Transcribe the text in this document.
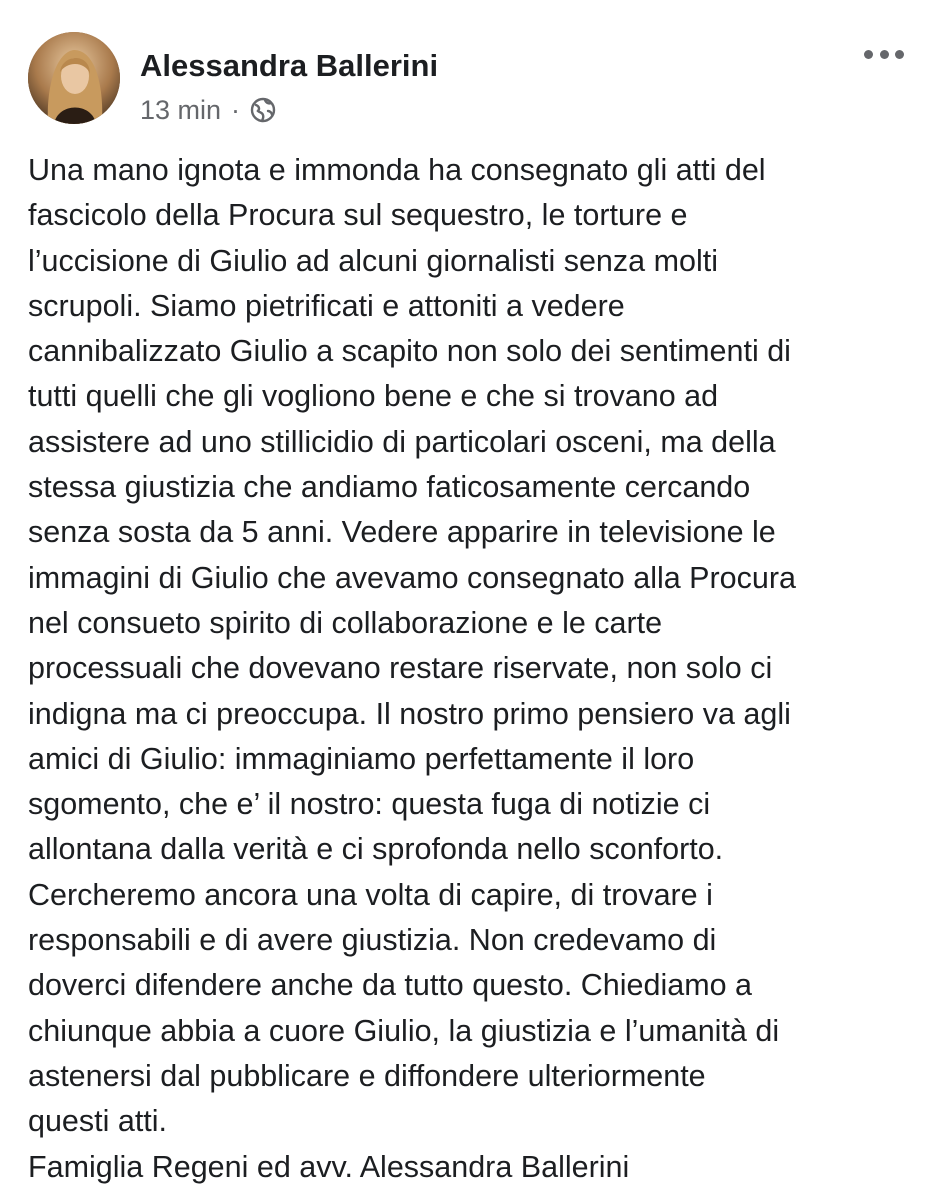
Alessandra Ballerini
13 min ·
Una mano ignota e immonda ha consegnato gli atti del
fascicolo della Procura sul sequestro, le torture e
l’uccisione di Giulio ad alcuni giornalisti senza molti
scrupoli. Siamo pietrificati e attoniti a vedere
cannibalizzato Giulio a scapito non solo dei sentimenti di
tutti quelli che gli vogliono bene e che si trovano ad
assistere ad uno stillicidio di particolari osceni, ma della
stessa giustizia che andiamo faticosamente cercando
senza sosta da 5 anni. Vedere apparire in televisione le
immagini di Giulio che avevamo consegnato alla Procura
nel consueto spirito di collaborazione e le carte
processuali che dovevano restare riservate, non solo ci
indigna ma ci preoccupa. Il nostro primo pensiero va agli
amici di Giulio: immaginiamo perfettamente il loro
sgomento, che e’ il nostro: questa fuga di notizie ci
allontana dalla verità e ci sprofonda nello sconforto.
Cercheremo ancora una volta di capire, di trovare i
responsabili e di avere giustizia. Non credevamo di
doverci difendere anche da tutto questo. Chiediamo a
chiunque abbia a cuore Giulio, la giustizia e l’umanità di
astenersi dal pubblicare e diffondere ulteriormente
questi atti.
Famiglia Regeni ed avv. Alessandra Ballerini
